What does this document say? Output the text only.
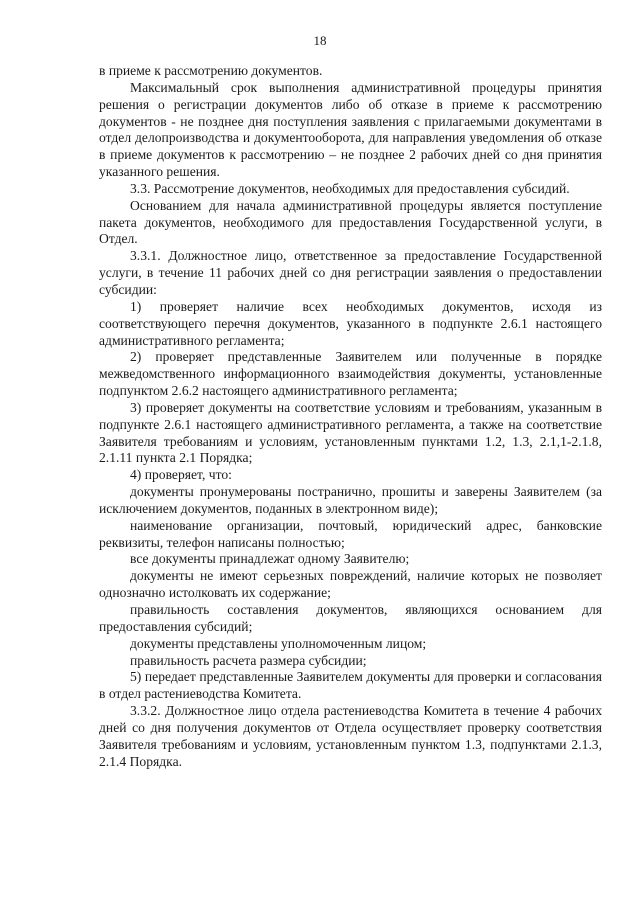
18

в приеме к рассмотрению документов.

Максимальный срок выполнения административной процедуры принятия решения о регистрации документов либо об отказе в приеме к рассмотрению документов - не позднее дня поступления заявления с прилагаемыми документами в отдел делопроизводства и документооборота, для направления уведомления об отказе в приеме документов к рассмотрению – не позднее 2 рабочих дней со дня принятия указанного решения.

3.3. Рассмотрение документов, необходимых для предоставления субсидий.

Основанием для начала административной процедуры является поступление пакета документов, необходимого для предоставления Государственной услуги, в Отдел.

3.3.1. Должностное лицо, ответственное за предоставление Государственной услуги, в течение 11 рабочих дней со дня регистрации заявления о предоставлении субсидии:

1) проверяет наличие всех необходимых документов, исходя из соответствующего перечня документов, указанного в подпункте 2.6.1 настоящего административного регламента;

2) проверяет представленные Заявителем или полученные в порядке межведомственного информационного взаимодействия документы, установленные подпунктом 2.6.2 настоящего административного регламента;

3) проверяет документы на соответствие условиям и требованиям, указанным в подпункте 2.6.1 настоящего административного регламента, а также на соответствие Заявителя требованиям и условиям, установленным пунктами 1.2, 1.3, 2.1,1-2.1.8, 2.1.11 пункта 2.1 Порядка;

4) проверяет, что:

документы пронумерованы постранично, прошиты и заверены Заявителем (за исключением документов, поданных в электронном виде);

наименование организации, почтовый, юридический адрес, банковские реквизиты, телефон написаны полностью;

все документы принадлежат одному Заявителю;

документы не имеют серьезных повреждений, наличие которых не позволяет однозначно истолковать их содержание;

правильность составления документов, являющихся основанием для предоставления субсидий;

документы представлены уполномоченным лицом;

правильность расчета размера субсидии;

5) передает представленные Заявителем документы для проверки и согласования в отдел растениеводства Комитета.

3.3.2. Должностное лицо отдела растениеводства Комитета в течение 4 рабочих дней со дня получения документов от Отдела осуществляет проверку соответствия Заявителя требованиям и условиям, установленным пунктом 1.3, подпунктами 2.1.3, 2.1.4 Порядка.
